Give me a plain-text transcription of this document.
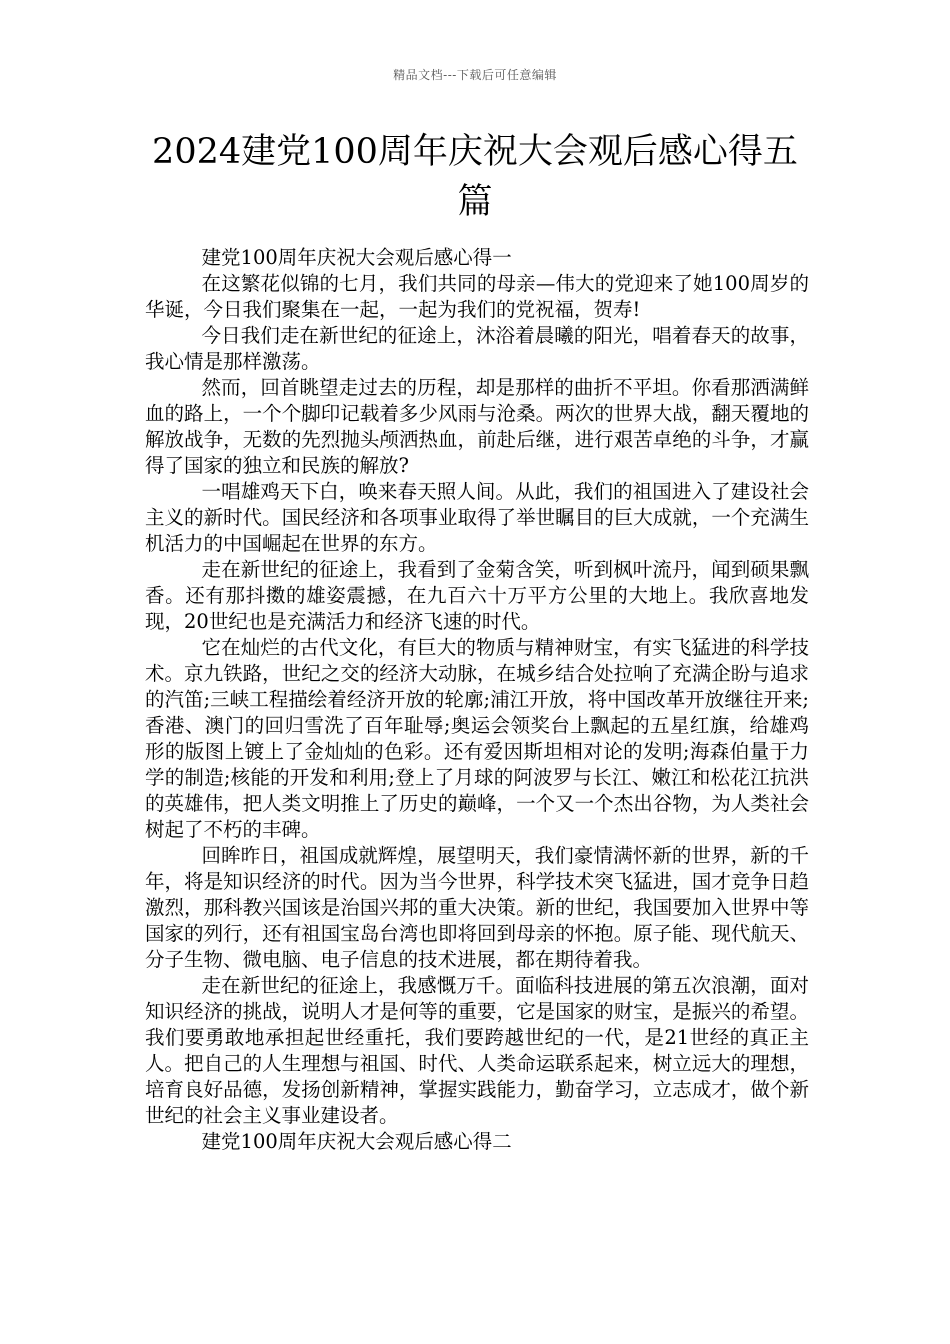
精品文档---下载后可任意编辑
2024建党100周年庆祝大会观后感心得五篇

建党100周年庆祝大会观后感心得一

在这繁花似锦的七月，我们共同的母亲—伟大的党迎来了她100周岁的华诞，今日我们聚集在一起，一起为我们的党祝福，贺寿!

今日我们走在新世纪的征途上，沐浴着晨曦的阳光，唱着春天的故事，我心情是那样激荡。

然而，回首眺望走过去的历程，却是那样的曲折不平坦。你看那洒满鲜血的路上，一个个脚印记载着多少风雨与沧桑。两次的世界大战，翻天覆地的解放战争，无数的先烈抛头颅洒热血，前赴后继，进行艰苦卓绝的斗争，才赢得了国家的独立和民族的解放?

一唱雄鸡天下白，唤来春天照人间。从此，我们的祖国进入了建设社会主义的新时代。国民经济和各项事业取得了举世瞩目的巨大成就，一个充满生机活力的中国崛起在世界的东方。

走在新世纪的征途上，我看到了金菊含笑，听到枫叶流丹，闻到硕果飘香。还有那抖擞的雄姿震撼，在九百六十万平方公里的大地上。我欣喜地发现，20世纪也是充满活力和经济飞速的时代。

它在灿烂的古代文化，有巨大的物质与精神财宝，有实飞猛进的科学技术。京九铁路，世纪之交的经济大动脉，在城乡结合处拉响了充满企盼与追求的汽笛;三峡工程描绘着经济开放的轮廓;浦江开放，将中国改革开放继往开来;香港、澳门的回归雪洗了百年耻辱;奥运会领奖台上飘起的五星红旗，给雄鸡形的版图上镀上了金灿灿的色彩。还有爱因斯坦相对论的发明;海森伯量于力学的制造;核能的开发和利用;登上了月球的阿波罗与长江、嫩江和松花江抗洪的英雄伟，把人类文明推上了历史的巅峰，一个又一个杰出谷物，为人类社会树起了不朽的丰碑。

回眸昨日，祖国成就辉煌，展望明天，我们豪情满怀新的世界，新的千年，将是知识经济的时代。因为当今世界，科学技术突飞猛进，国才竞争日趋激烈，那科教兴国该是治国兴邦的重大决策。新的世纪，我国要加入世界中等国家的列行，还有祖国宝岛台湾也即将回到母亲的怀抱。原子能、现代航天、分子生物、微电脑、电子信息的技术进展，都在期待着我。

走在新世纪的征途上，我感慨万千。面临科技进展的第五次浪潮，面对知识经济的挑战，说明人才是何等的重要，它是国家的财宝，是振兴的希望。我们要勇敢地承担起世经重托，我们要跨越世纪的一代，是21世经的真正主人。把自己的人生理想与祖国、时代、人类命运联系起来，树立远大的理想，培育良好品德，发扬创新精神，掌握实践能力，勤奋学习，立志成才，做个新世纪的社会主义事业建设者。

建党100周年庆祝大会观后感心得二
